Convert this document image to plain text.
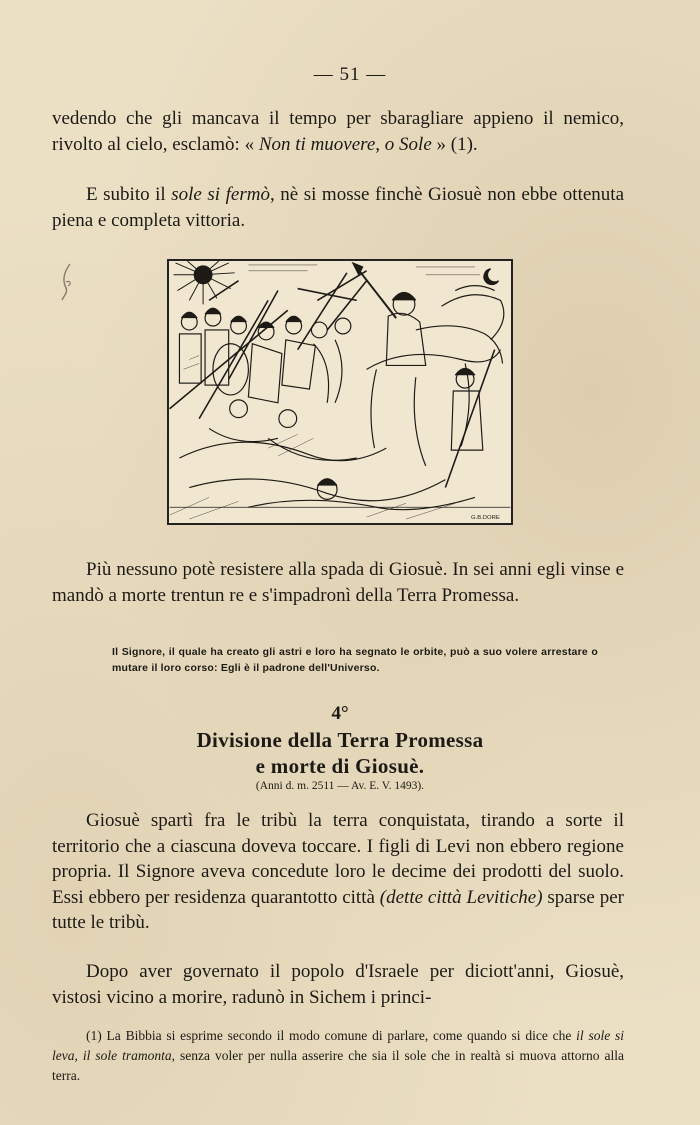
— 51 —

vedendo che gli mancava il tempo per sbaragliare appieno il nemico, rivolto al cielo, esclamò: « Non ti muovere, o Sole » (1).

E subito il sole si fermò, nè si mosse finchè Giosuè non ebbe ottenuta piena e completa vittoria.

G.B.DORE

Più nessuno potè resistere alla spada di Giosuè. In sei anni egli vinse e mandò a morte trentun re e s'impadronì della Terra Promessa.

Il Signore, il quale ha creato gli astri e loro ha segnato le orbite, può a suo volere arrestare o mutare il loro corso: Egli è il padrone dell'Universo.

4°
Divisione della Terra Promessa
e morte di Giosuè.
(Anni d. m. 2511 — Av. E. V. 1493).

Giosuè spartì fra le tribù la terra conquistata, tirando a sorte il territorio che a ciascuna doveva toccare. I figli di Levi non ebbero regione propria. Il Signore aveva concedute loro le decime dei prodotti del suolo. Essi ebbero per residenza quarantotto città (dette città Levitiche) sparse per tutte le tribù.

Dopo aver governato il popolo d'Israele per diciott'anni, Giosuè, vistosi vicino a morire, radunò in Sichem i princi-

(1) La Bibbia si esprime secondo il modo comune di parlare, come quando si dice che il sole si leva, il sole tramonta, senza voler per nulla asserire che sia il sole che in realtà si muova attorno alla terra.
